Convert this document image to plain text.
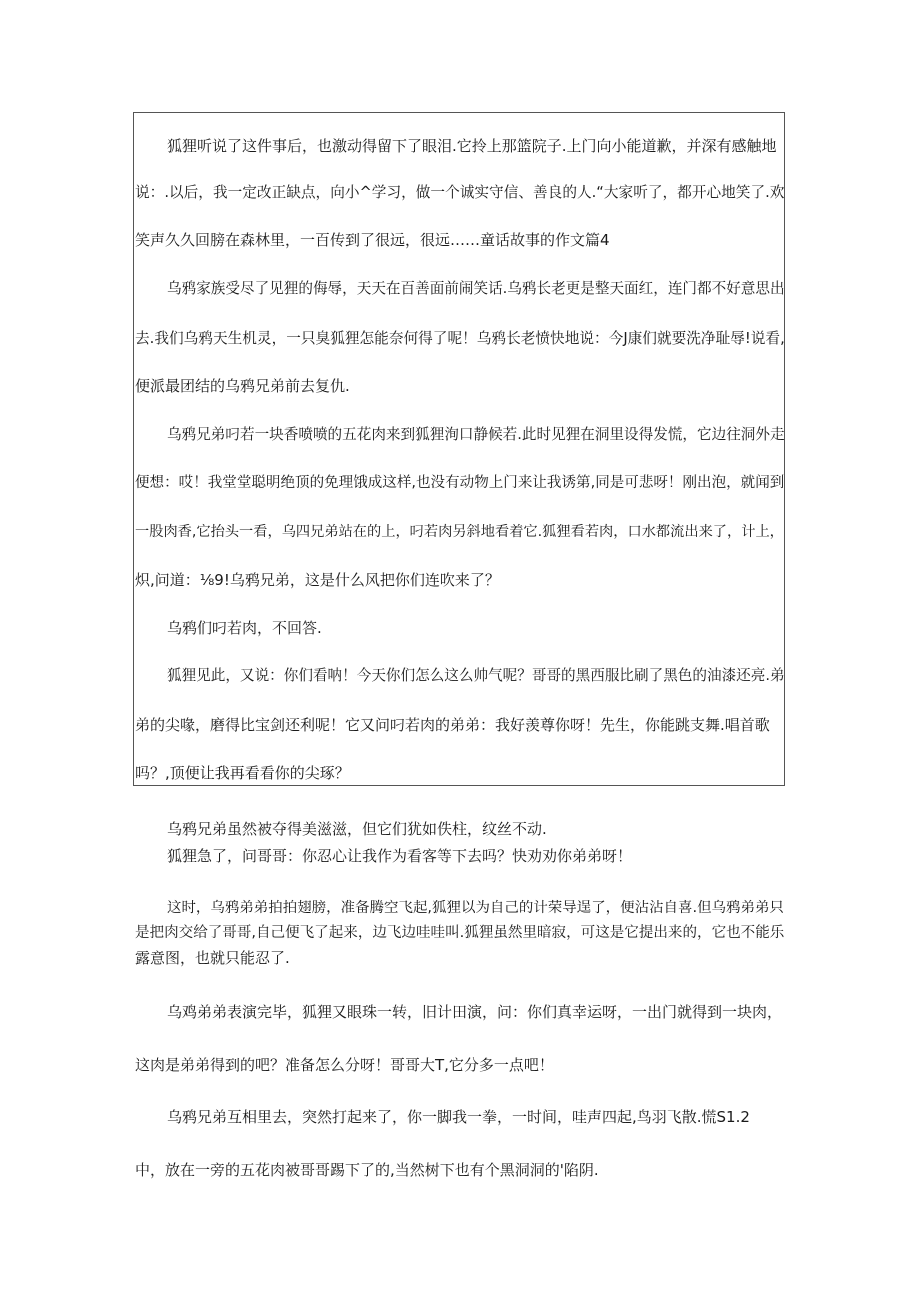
狐狸听说了这件事后，也激动得留下了眼泪.它拎上那篮院子.上门向小能道歉，并深有感触地
说：.以后，我一定改正缺点，向小^学习，做一个诚实守信、善良的人.“大家听了，都开心地笑了.欢
笑声久久回膀在森林里，一百传到了很远，很远……童话故事的作文篇4
乌鸦家族受尽了见狸的侮辱，天天在百善面前闹笑话.乌鸦长老更是整天面红，连门都不好意思出
去.我们乌鸦天生机灵，一只臭狐狸怎能奈何得了呢！乌鸦长老愤快地说：今J康们就要洗净耻辱!说看,
便派最团结的乌鸦兄弟前去复仇.
乌鸦兄弟叼若一块香喷喷的五花肉来到狐狸洵口静候若.此时见狸在洞里设得发慌，它边往洞外走
便想：哎！我堂堂聪明绝顶的免理饿成这样,也没有动物上门来让我诱第,同是可悲呀！刚出泡，就闻到
一股肉香,它抬头一看，乌四兄弟站在的上，叼若肉另斜地看着它.狐狸看若肉，口水都流出来了，计上，
炽,问道：⅛9!乌鸦兄弟，这是什么风把你们连吹来了？
乌鸦们叼若肉，不回答.
狐狸见此，又说：你们看呐！今天你们怎么这么帅气呢？哥哥的黑西服比刷了黑色的油漆还亮.弟
弟的尖喙，磨得比宝剑还利呢！它又问叼若肉的弟弟：我好羡尊你呀！先生，你能跳支舞.唱首歌
吗？,顶便让我再看看你的尖琢？
乌鸦兄弟虽然被夺得美滋滋，但它们犹如佚柱，纹丝不动.
狐狸急了，问哥哥：你忍心让我作为看客等下去吗？快劝劝你弟弟呀！
这时，乌鸦弟弟拍拍翅膀，准备腾空飞起,狐狸以为自己的计荣导逞了，便沾沾自喜.但乌鸦弟弟只
是把肉交给了哥哥,自己便飞了起来，边飞边哇哇叫.狐狸虽然里暗寂，可这是它提出来的，它也不能乐
露意图，也就只能忍了.
乌鸡弟弟表演完毕，狐狸又眼珠一转，旧计田演，问：你们真幸运呀，一出门就得到一块肉，
这肉是弟弟得到的吧？准备怎么分呀！哥哥大T,它分多一点吧！
乌鸦兄弟互相里去，突然打起来了，你一脚我一拳，一时间，哇声四起,鸟羽飞散.慌S1.2
中，放在一旁的五花肉被哥哥踢下了的,当然树下也有个黑洞洞的'陷阴.
